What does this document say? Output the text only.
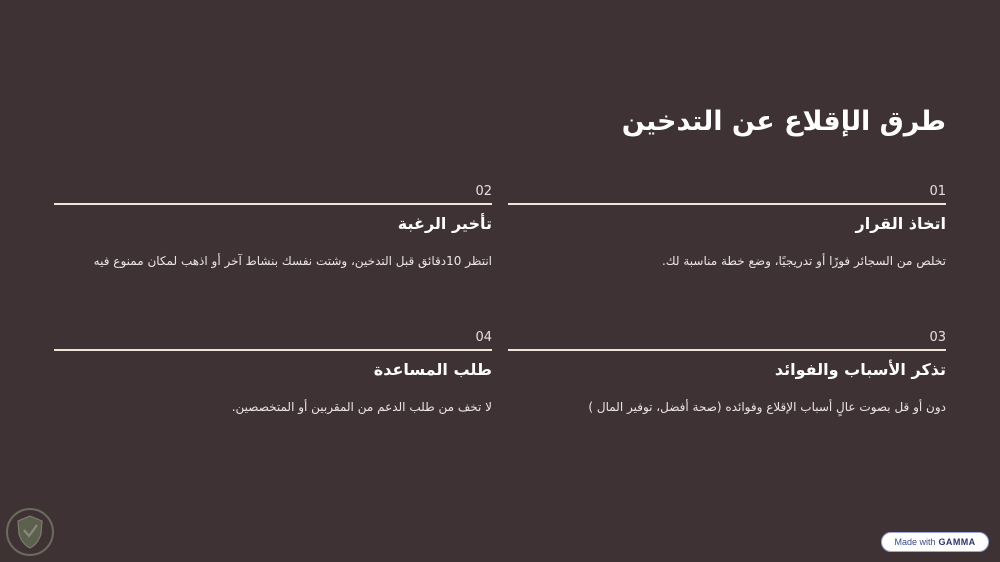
طرق الإقلاع عن التدخين
01
اتخاذ القرار

تخلص من السجائر فورًا أو تدريجيًا، وضع خطة مناسبة لك.

02
تأخير الرغبة

انتظر 10دقائق قبل التدخين، وشتت نفسك بنشاط آخر أو اذهب لمكان ممنوع فيه

03
تذكر الأسباب والفوائد

دون أو قل بصوت عالٍ أسباب الإقلاع وفوائده (صحة أفضل، توفير المال )

04
طلب المساعدة

لا تخف من طلب الدعم من المقربين أو المتخصصين.

Made with GAMMA
